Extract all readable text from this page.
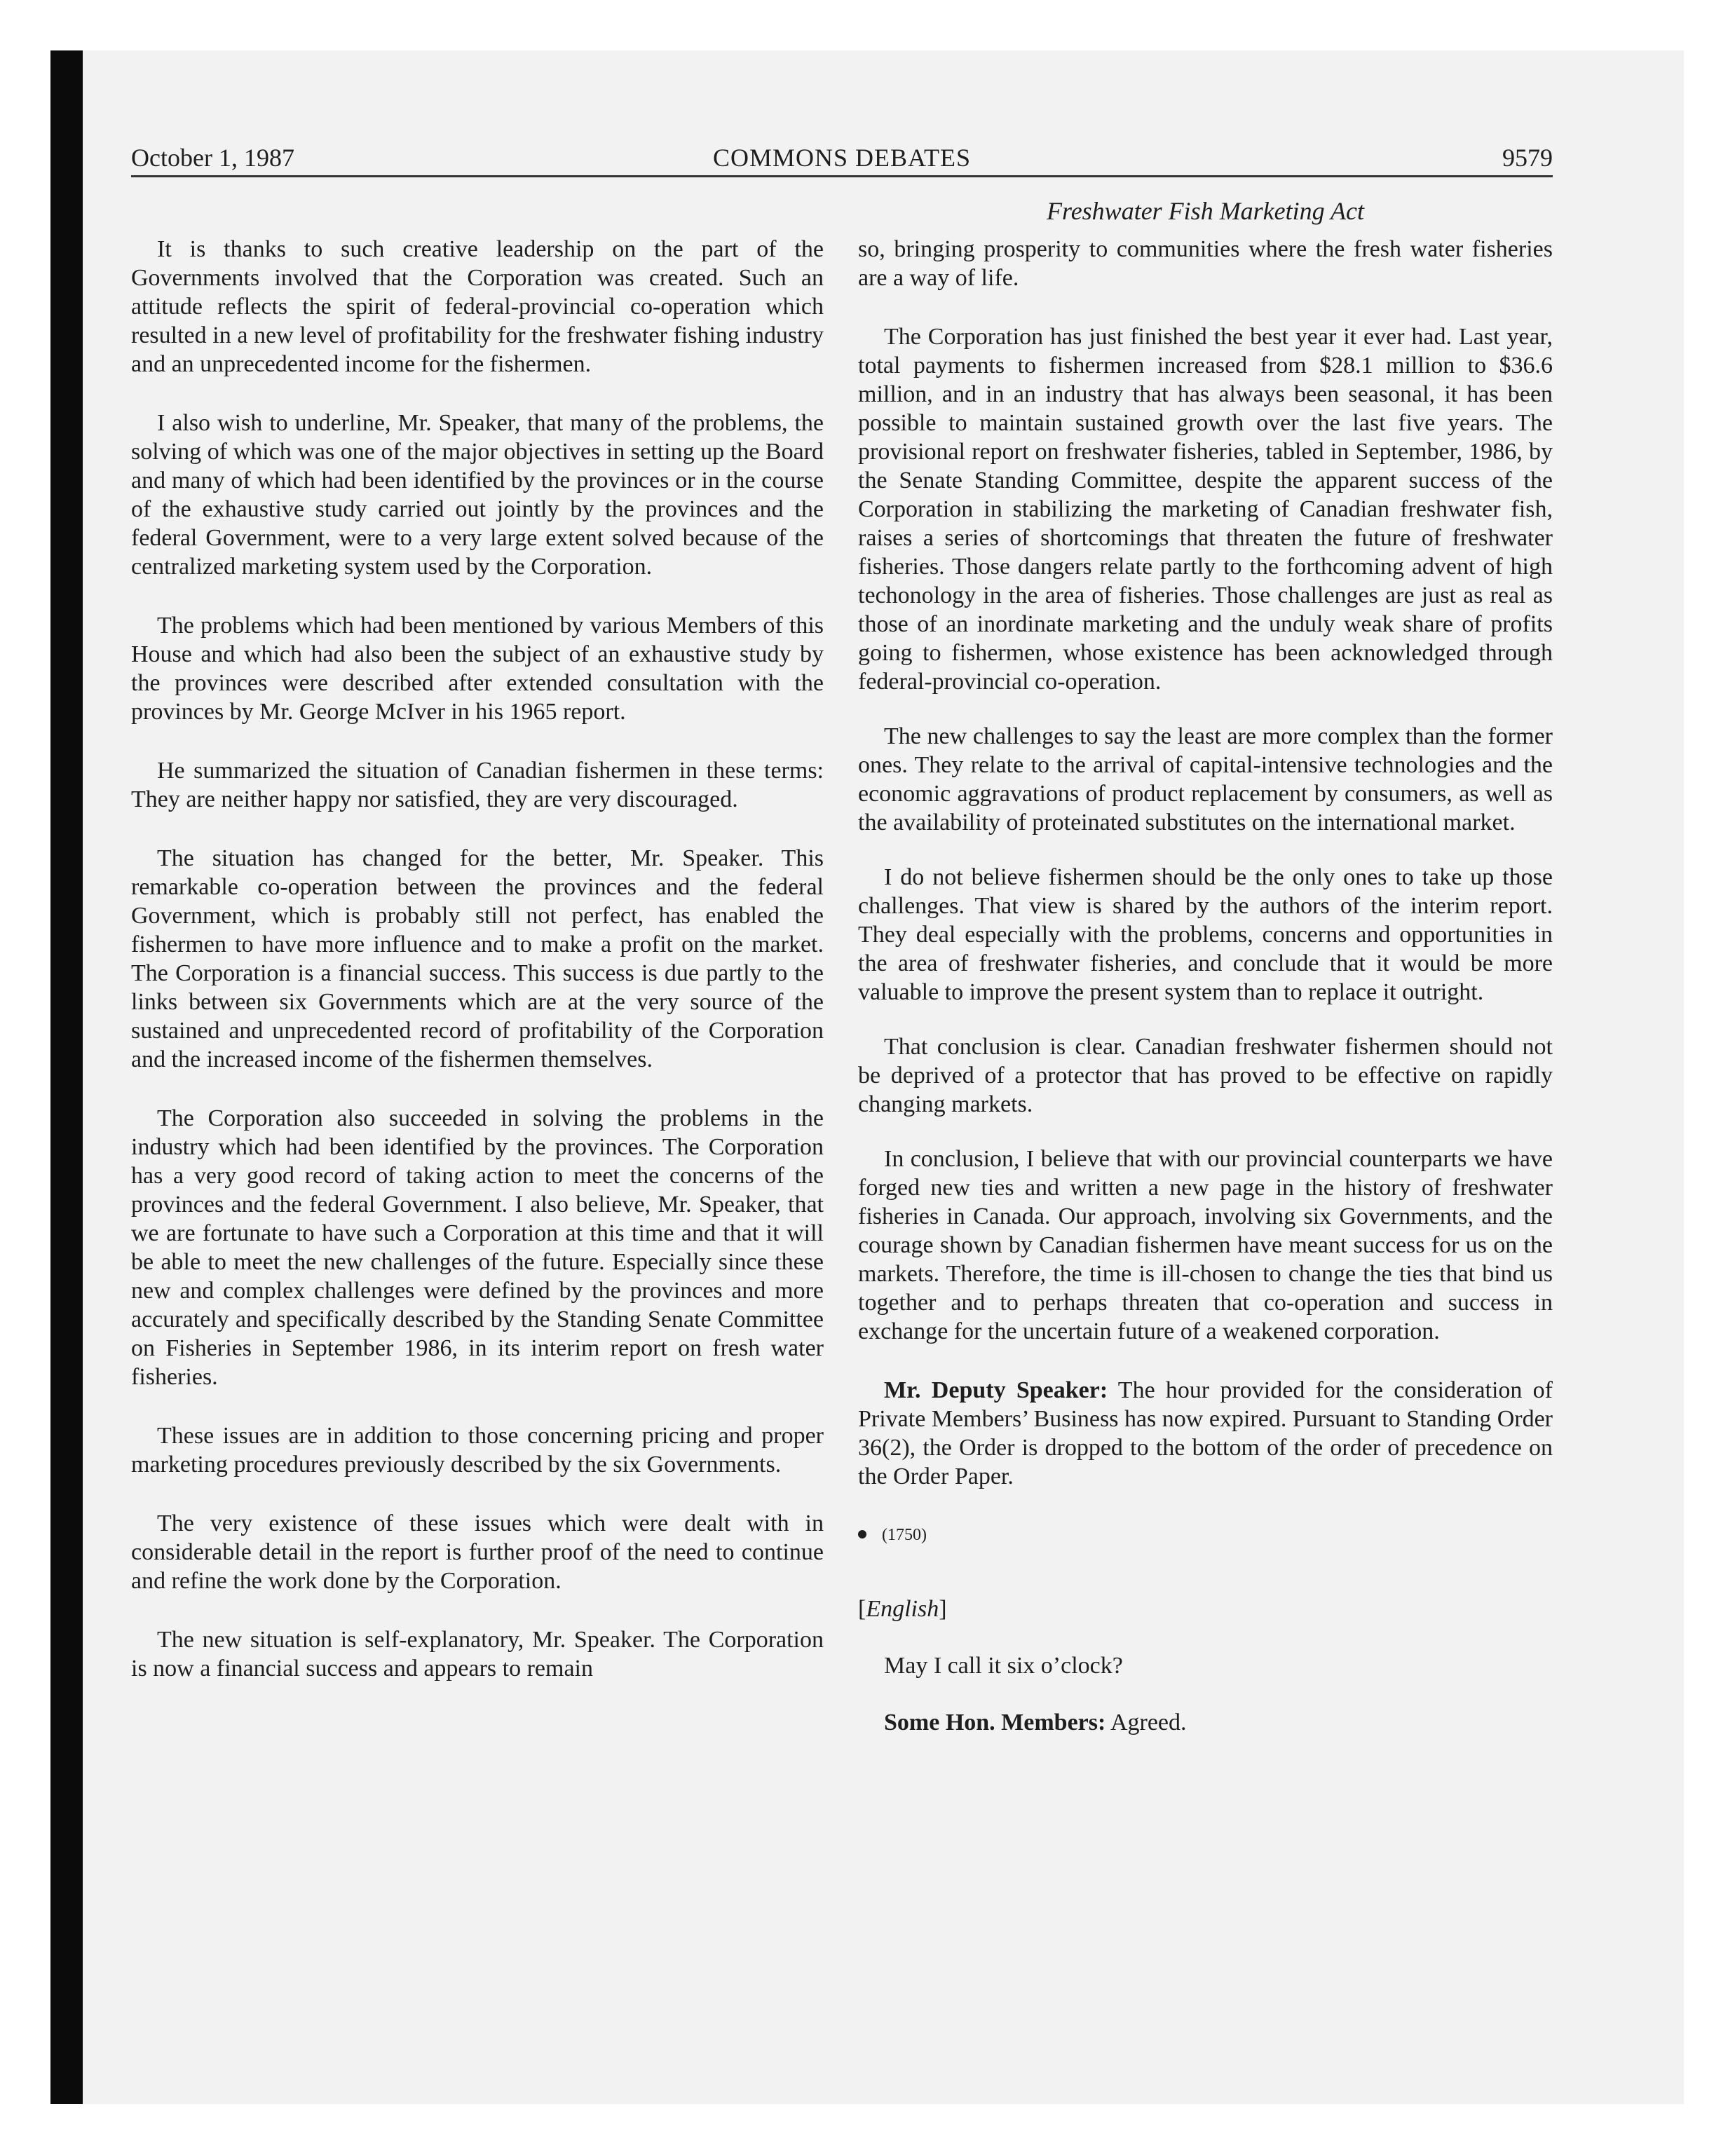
October 1, 1987	COMMONS DEBATES	9579
Freshwater Fish Marketing Act

It is thanks to such creative leadership on the part of the Governments involved that the Corporation was created. Such an attitude reflects the spirit of federal-provincial co-operation which resulted in a new level of profitability for the freshwater fishing industry and an unprecedented income for the fishermen.

I also wish to underline, Mr. Speaker, that many of the problems, the solving of which was one of the major objectives in setting up the Board and many of which had been identified by the provinces or in the course of the exhaustive study carried out jointly by the provinces and the federal Government, were to a very large extent solved because of the centralized marketing system used by the Corporation.

The problems which had been mentioned by various Members of this House and which had also been the subject of an exhaustive study by the provinces were described after extended consultation with the provinces by Mr. George McIver in his 1965 report.

He summarized the situation of Canadian fishermen in these terms: They are neither happy nor satisfied, they are very discouraged.

The situation has changed for the better, Mr. Speaker. This remarkable co-operation between the provinces and the federal Government, which is probably still not perfect, has enabled the fishermen to have more influence and to make a profit on the market. The Corporation is a financial success. This success is due partly to the links between six Governments which are at the very source of the sustained and unprecedented record of profitability of the Corporation and the increased income of the fishermen themselves.

The Corporation also succeeded in solving the problems in the industry which had been identified by the provinces. The Corporation has a very good record of taking action to meet the concerns of the provinces and the federal Government. I also believe, Mr. Speaker, that we are fortunate to have such a Corporation at this time and that it will be able to meet the new challenges of the future. Especially since these new and complex challenges were defined by the provinces and more accurately and specifically described by the Standing Senate Committee on Fisheries in September 1986, in its interim report on fresh water fisheries.

These issues are in addition to those concerning pricing and proper marketing procedures previously described by the six Governments.

The very existence of these issues which were dealt with in considerable detail in the report is further proof of the need to continue and refine the work done by the Corporation.

The new situation is self-explanatory, Mr. Speaker. The Corporation is now a financial success and appears to remain

so, bringing prosperity to communities where the fresh water fisheries are a way of life.

The Corporation has just finished the best year it ever had. Last year, total payments to fishermen increased from $28.1 million to $36.6 million, and in an industry that has always been seasonal, it has been possible to maintain sustained growth over the last five years. The provisional report on freshwater fisheries, tabled in September, 1986, by the Senate Standing Committee, despite the apparent success of the Corporation in stabilizing the marketing of Canadian freshwater fish, raises a series of shortcomings that threaten the future of freshwater fisheries. Those dangers relate partly to the forthcoming advent of high techonology in the area of fisheries. Those challenges are just as real as those of an inordinate marketing and the unduly weak share of profits going to fishermen, whose existence has been acknowledged through federal-provincial co-operation.

The new challenges to say the least are more complex than the former ones. They relate to the arrival of capital-intensive technologies and the economic aggravations of product replacement by consumers, as well as the availability of proteinated substitutes on the international market.

I do not believe fishermen should be the only ones to take up those challenges. That view is shared by the authors of the interim report. They deal especially with the problems, concerns and opportunities in the area of freshwater fisheries, and conclude that it would be more valuable to improve the present system than to replace it outright.

That conclusion is clear. Canadian freshwater fishermen should not be deprived of a protector that has proved to be effective on rapidly changing markets.

In conclusion, I believe that with our provincial counterparts we have forged new ties and written a new page in the history of freshwater fisheries in Canada. Our approach, involving six Governments, and the courage shown by Canadian fishermen have meant success for us on the markets. Therefore, the time is ill-chosen to change the ties that bind us together and to perhaps threaten that co-operation and success in exchange for the uncertain future of a weakened corporation.

Mr. Deputy Speaker: The hour provided for the consideration of Private Members’ Business has now expired. Pursuant to Standing Order 36(2), the Order is dropped to the bottom of the order of precedence on the Order Paper.

(1750)
[English]

May I call it six o’clock?

Some Hon. Members: Agreed.
